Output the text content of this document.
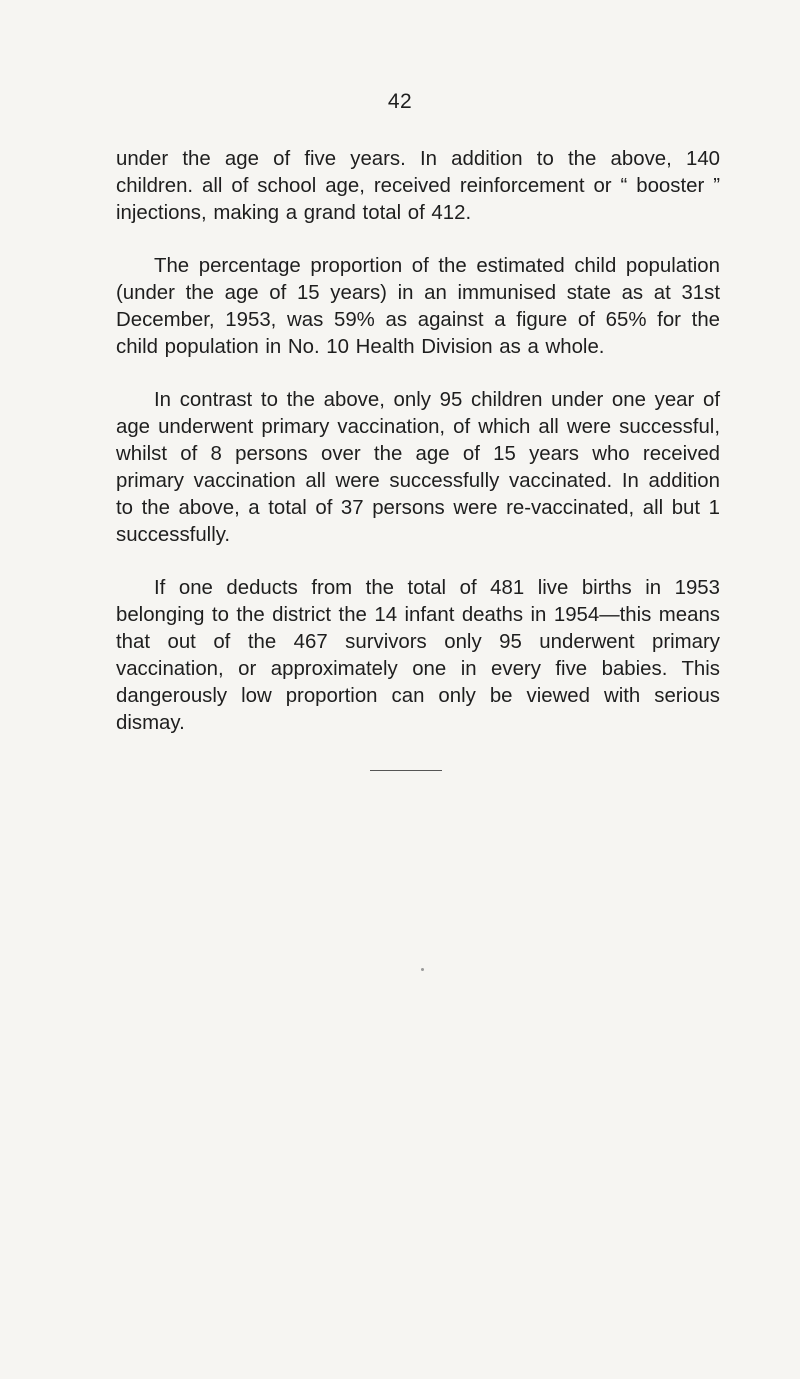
42

under the age of five years. In addition to the above, 140 children. all of school age, received reinforcement or “ booster ” injections, making a grand total of 412.

The percentage proportion of the estimated child population (under the age of 15 years) in an immunised state as at 31st December, 1953, was 59% as against a figure of 65% for the child population in No. 10 Health Division as a whole.

In contrast to the above, only 95 children under one year of age underwent primary vaccination, of which all were successful, whilst of 8 persons over the age of 15 years who received primary vaccination all were successfully vaccinated. In addition to the above, a total of 37 persons were re-vaccinated, all but 1 successfully.

If one deducts from the total of 481 live births in 1953 belonging to the district the 14 infant deaths in 1954—this means that out of the 467 survivors only 95 underwent primary vaccination, or approximately one in every five babies. This dangerously low proportion can only be viewed with serious dismay.
